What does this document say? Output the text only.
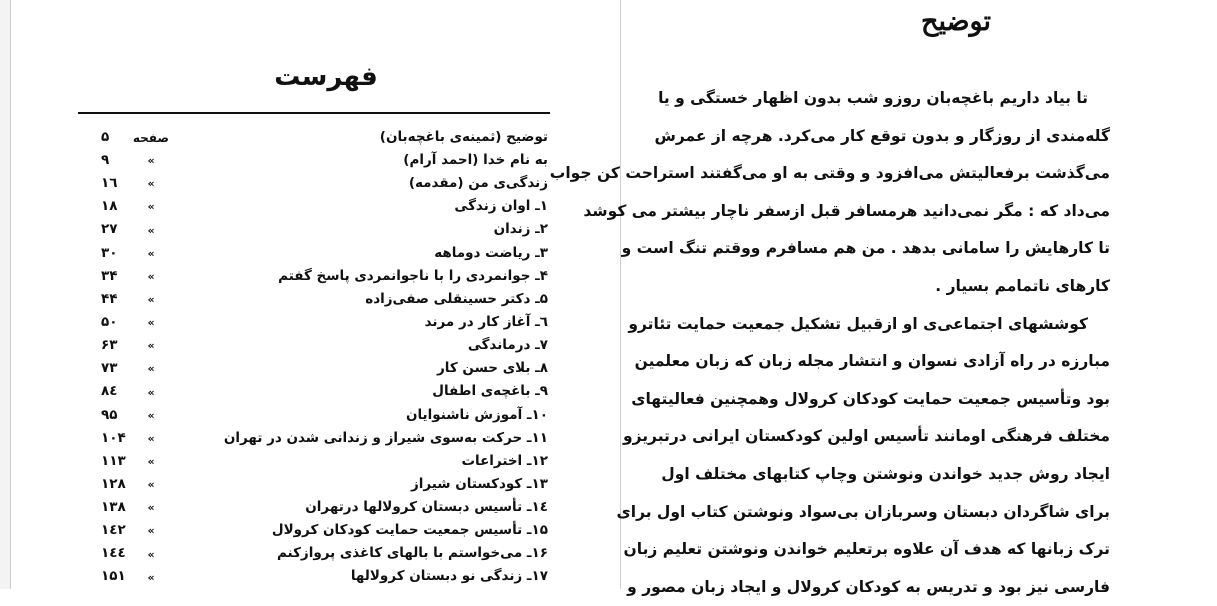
فهرست
توضیح (ثمینه‌ی باغچه‌بان)
صفحه
۵
به نام خدا (احمد آرام)
»
۹
زندگی‌ی من (مقدمه)
»
۱٦
۱ـ اوان زندگی
»
۱۸
۲ـ زندان
»
۲۷
۳ـ ریاضت دوماهه
»
۳۰
۴ـ جوانمردی را با ناجوانمردی پاسخ گفتم
»
۳۴
۵ـ دکتر حسینقلی صفی‌زاده
»
۴۴
٦ـ آغاز کار در مرند
»
۵۰
۷ـ درماندگی
»
۶۳
۸ـ بلای حسن کار
»
۷۳
۹ـ باغچه‌ی اطفال
»
۸٤
۱۰ـ آموزش ناشنوایان
»
۹۵
۱۱ـ حرکت به‌سوی شیراز و زندانی شدن در تهران
»
۱۰۴
۱۲ـ اختراعات
»
۱۱۳
۱۳ـ کودکستان شیراز
»
۱۲۸
۱٤ـ تأسیس دبستان کرولالها درتهران
»
۱۳۸
۱۵ـ تأسیس جمعیت حمایت کودکان کرولال
»
۱٤۲
۱۶ـ می‌خواستم با بالهای کاغذی پروازکنم
»
۱٤٤
۱۷ـ زندگی نو دبستان کرولالها
»
۱۵۱
توضیح
تا بیاد داریم باغچه‌بان روزو شب بدون اظهار خستگی و یا
گله‌مندی از روزگار و بدون توقع کار می‌کرد. هرچه از عمرش
می‌گذشت برفعالیتش می‌افزود و وقتی به او می‌گفتند استراحت کن جواب
می‌داد که : مگر نمی‌دانید هرمسافر قبل ازسفر ناچار بیشتر می کوشد
تا کارهایش را سامانی بدهد . من هم مسافرم ووقتم تنگ است و
کارهای ناتمامم بسیار .
کوششهای اجتماعی‌ی او ازقبیل تشکیل جمعیت حمایت تئاترو
مبارزه در راه آزادی نسوان و انتشار مجله زبان که زبان معلمین
بود وتأسیس جمعیت حمایت کودکان کرولال وهمچنین فعالیتهای
مختلف فرهنگی اومانند تأسیس اولین کودکستان ایرانی درتبریزو
ایجاد روش جدید خواندن ونوشتن وچاپ کتابهای مختلف اول
برای شاگردان دبستان وسربازان بی‌سواد ونوشتن کتاب اول برای
ترک زبانها که هدف آن علاوه برتعلیم خواندن ونوشتن تعلیم زبان
فارسی نیز بود و تدریس به کودکان کرولال و ایجاد زبان مصور و
